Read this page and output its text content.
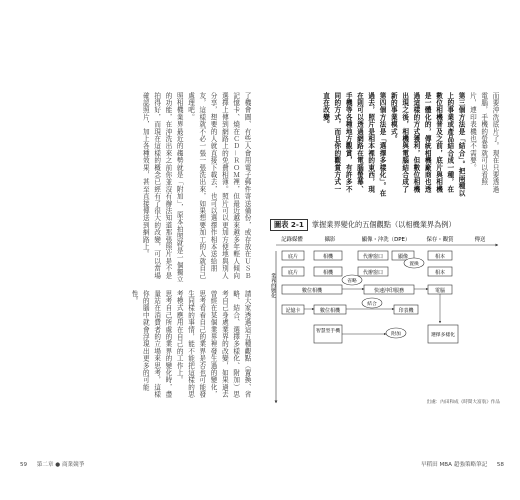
了機會圖、有些人會用電子郵件寄送備份，或存放在ＵＳＢ記憶卡、燒在ＣＤ－ＲＯＭ裡，但最近越來越多年輕人傾向選擇上傳到網路上的免費相簿。照片可以更加方便地與別人分享，想要的人就直接下載去，也可以選擇作相本送給朋友，這樣就不必一張一張洗出來，如果想要加工的人就自己處理吧。

照相機業界最近的趨勢就是「附加」，原本拍照就是一個獨立的功能，在沖洗出來之前你並沒有辦法知道那張照片是不是拍得好，而現在這樣的概念已經有了很大的改變，可以當場確認照片，加上各種效果，甚至直接傳送到網路上。

請大家透過這五種觀點（置換、省略、結合、選擇多樣化、附加）思考自己身處業界的改變，如果過去曾經在某個業界裡發生過的變化，思考看看自己的業界是否也可能發生同樣的事情，能不能把這樣的思考模式應用在自己的工作上。

思考自己所處的業界的變化時，盡量站在消費者的立場來思考，這樣你的腦中就會浮現出更多的可能性。

而要沖洗底片了。現在只要透過電腦，手機的螢幕就可以看照片，連印表機也不需要。

第三個方法是「結合」。把兩種以上的事業或產品結合成一種，在數位相機普及之前，底片與相機是一體化的，傳統相機廠商也透過這樣的方式獲利，但數位相機出現之後，相機與電腦結合成了新的事業模式。

第四個方法是「選擇多樣化」。在過去，照片是相本裡的東西，現在則可以透過網路在電腦螢幕、手機等各種地方觀賞，有許多不同的方式，而且你的觀賞方式一直在改變。

圖表 2-1 掌握業界變化的五個觀點（以相機業界為例）
記錄媒體	攝影	顯像・沖洗（DPE）	保存・觀賞	傳送
業界的變化
底片	相機	代辦窗口	顯像	相本
底片	相機	代辦窗口	相本
置換
數位相機	快速沖印服務	電腦
省略
記憶卡	數位相機	印表機
結合
智慧型手機
選擇多樣化
附加
出處：內田和成《時間大富翁》作品
59 第二章 ● 商業競爭	早稻田 MBA 超強策略筆記 58
